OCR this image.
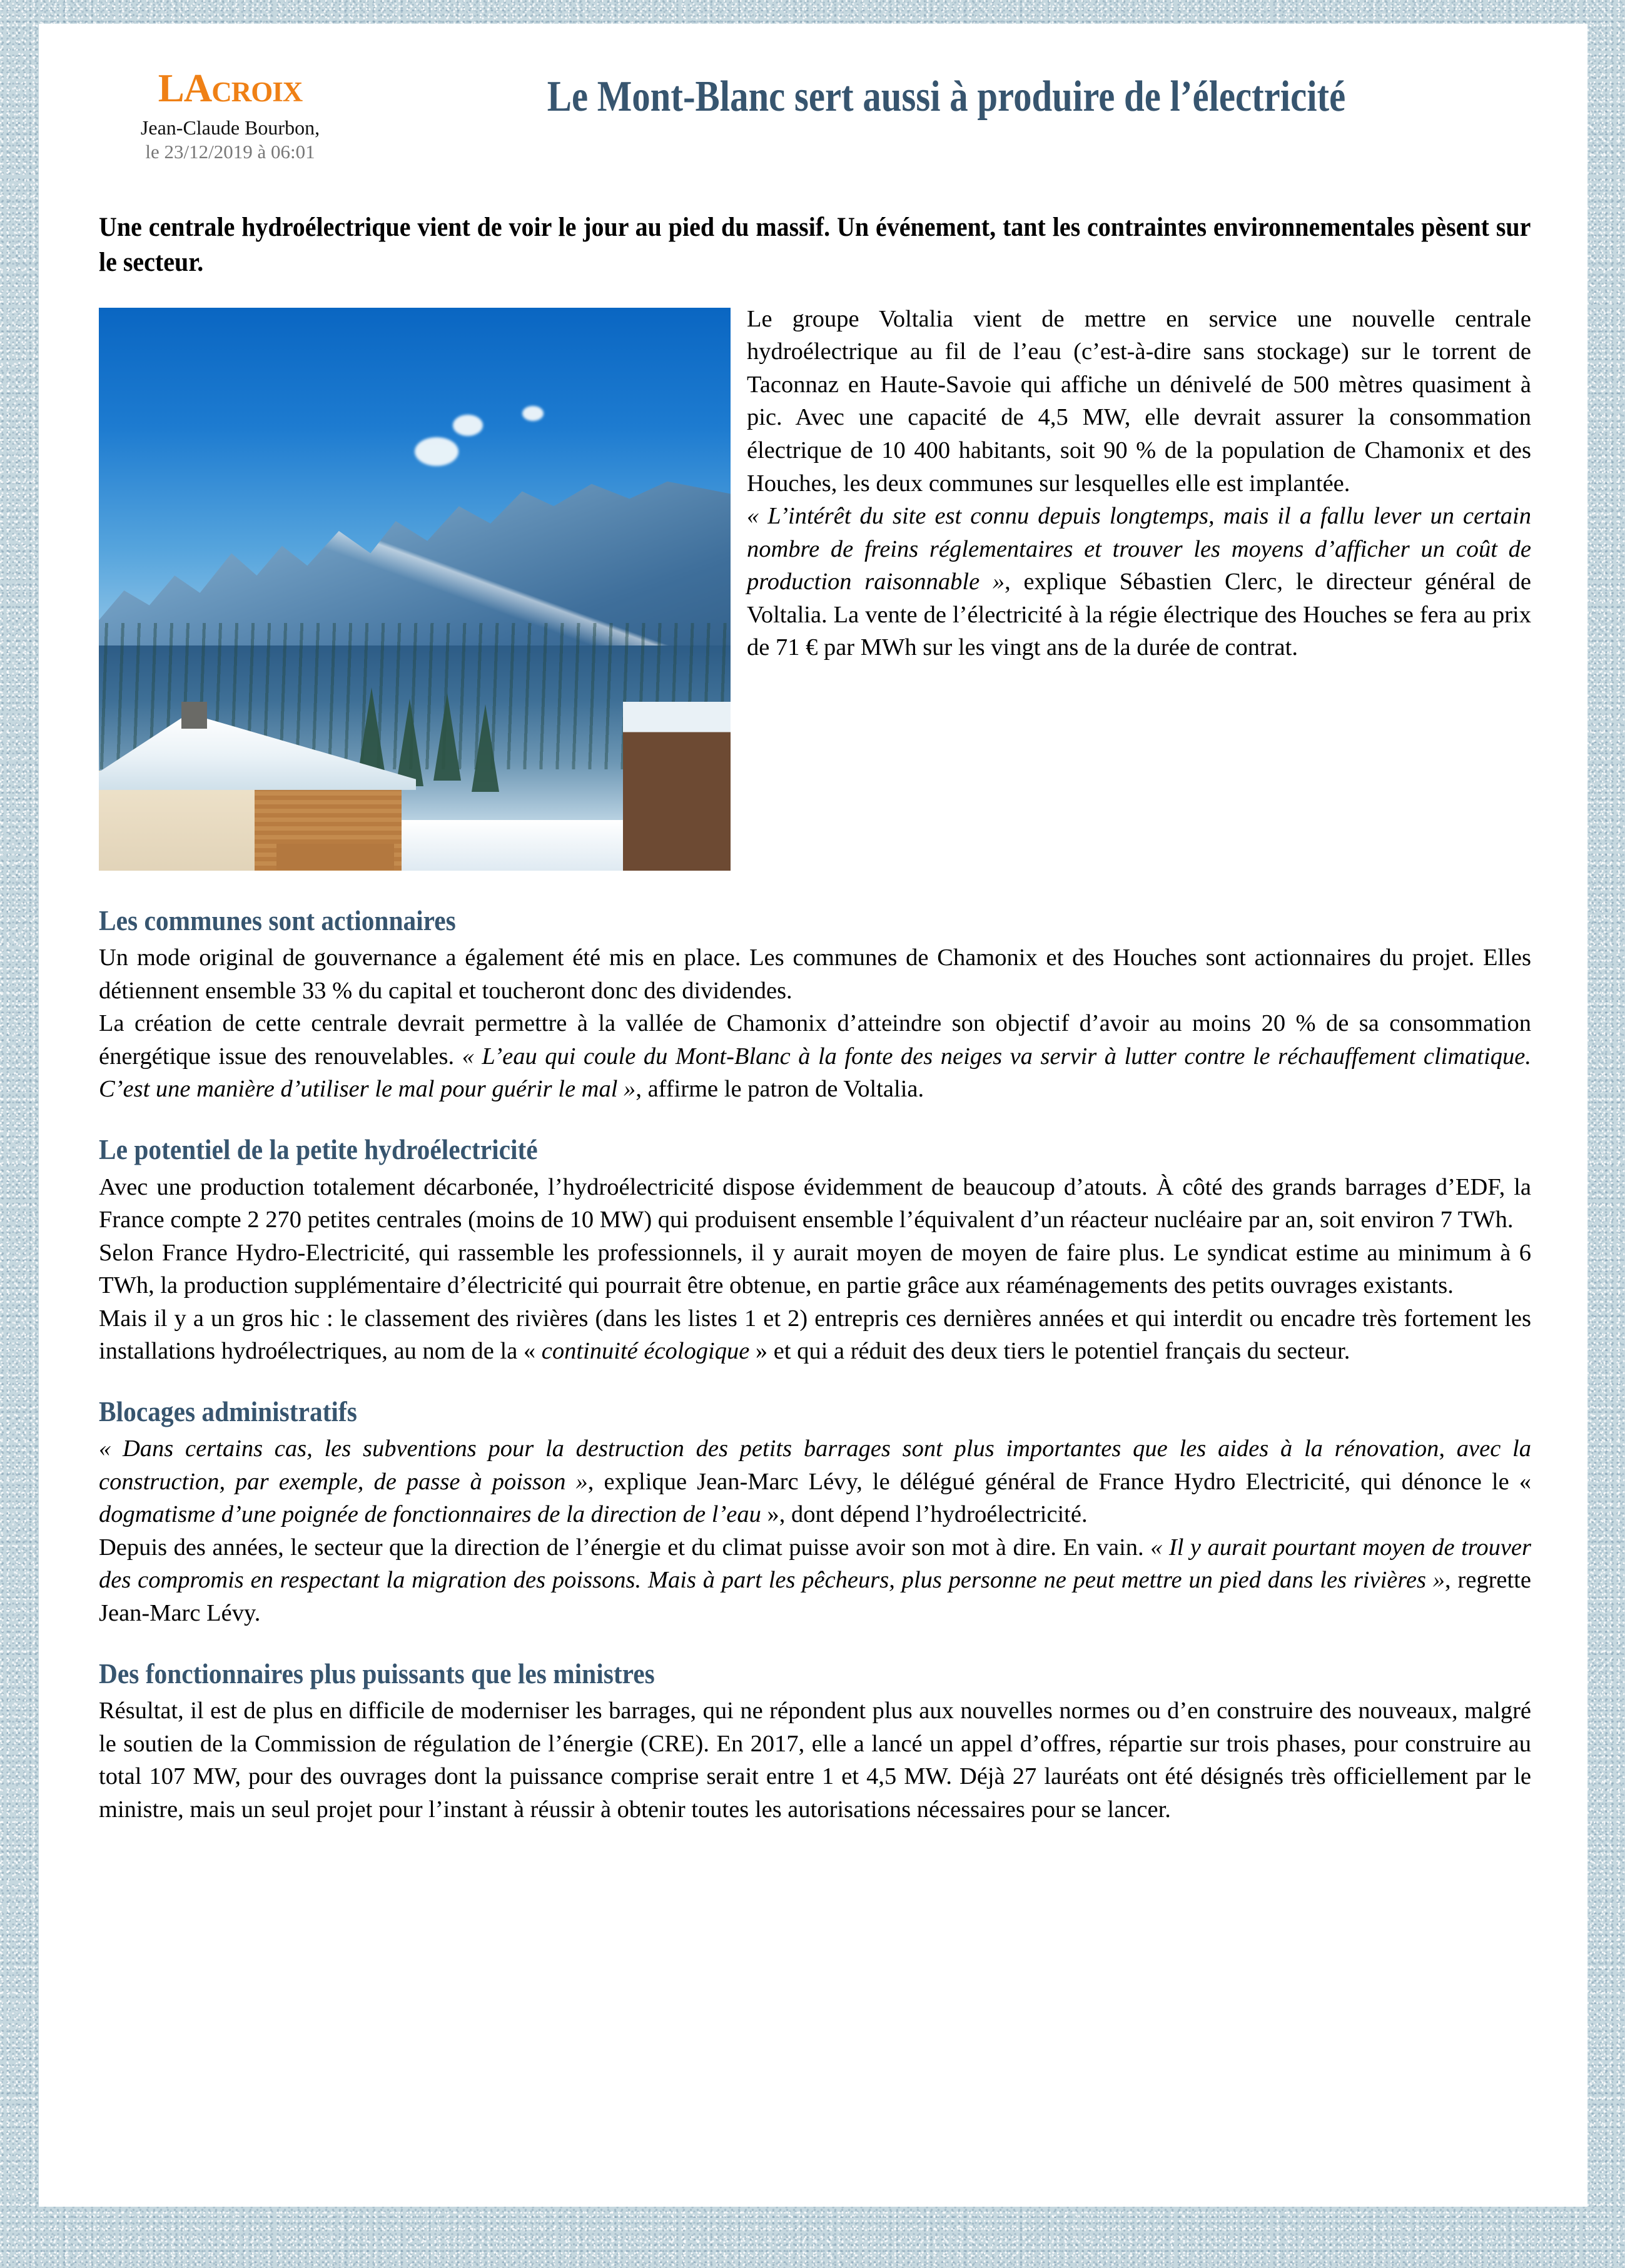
LACROIX
Jean-Claude Bourbon,
le 23/12/2019 à 06:01
Le Mont-Blanc sert aussi à produire de l’électricité
Une centrale hydroélectrique vient de voir le jour au pied du massif. Un événement, tant les contraintes environnementales pèsent sur le secteur.

Le groupe Voltalia vient de mettre en service une nouvelle centrale hydroélectrique au fil de l’eau (c’est-à-dire sans stockage) sur le torrent de Taconnaz en Haute-Savoie qui affiche un dénivelé de 500 mètres quasiment à pic. Avec une capacité de 4,5 MW, elle devrait assurer la consommation électrique de 10 400 habitants, soit 90 % de la population de Chamonix et des Houches, les deux communes sur lesquelles elle est implantée.

« L’intérêt du site est connu depuis longtemps, mais il a fallu lever un certain nombre de freins réglementaires et trouver les moyens d’afficher un coût de production raisonnable », explique Sébastien Clerc, le directeur général de Voltalia. La vente de l’électricité à la régie électrique des Houches se fera au prix de 71 € par MWh sur les vingt ans de la durée de contrat.

Les communes sont actionnaires

Un mode original de gouvernance a également été mis en place. Les communes de Chamonix et des Houches sont actionnaires du projet. Elles détiennent ensemble 33 % du capital et toucheront donc des dividendes.

La création de cette centrale devrait permettre à la vallée de Chamonix d’atteindre son objectif d’avoir au moins 20 % de sa consommation énergétique issue des renouvelables. « L’eau qui coule du Mont-Blanc à la fonte des neiges va servir à lutter contre le réchauffement climatique. C’est une manière d’utiliser le mal pour guérir le mal », affirme le patron de Voltalia.

Le potentiel de la petite hydroélectricité

Avec une production totalement décarbonée, l’hydroélectricité dispose évidemment de beaucoup d’atouts. À côté des grands barrages d’EDF, la France compte 2 270 petites centrales (moins de 10 MW) qui produisent ensemble l’équivalent d’un réacteur nucléaire par an, soit environ 7 TWh.

Selon France Hydro-Electricité, qui rassemble les professionnels, il y aurait moyen de moyen de faire plus. Le syndicat estime au minimum à 6 TWh, la production supplémentaire d’électricité qui pourrait être obtenue, en partie grâce aux réaménagements des petits ouvrages existants.

Mais il y a un gros hic : le classement des rivières (dans les listes 1 et 2) entrepris ces dernières années et qui interdit ou encadre très fortement les installations hydroélectriques, au nom de la « continuité écologique » et qui a réduit des deux tiers le potentiel français du secteur.

Blocages administratifs

« Dans certains cas, les subventions pour la destruction des petits barrages sont plus importantes que les aides à la rénovation, avec la construction, par exemple, de passe à poisson », explique Jean-Marc Lévy, le délégué général de France Hydro Electricité, qui dénonce le « dogmatisme d’une poignée de fonctionnaires de la direction de l’eau », dont dépend l’hydroélectricité.

Depuis des années, le secteur que la direction de l’énergie et du climat puisse avoir son mot à dire. En vain. « Il y aurait pourtant moyen de trouver des compromis en respectant la migration des poissons. Mais à part les pêcheurs, plus personne ne peut mettre un pied dans les rivières », regrette Jean-Marc Lévy.

Des fonctionnaires plus puissants que les ministres

Résultat, il est de plus en difficile de moderniser les barrages, qui ne répondent plus aux nouvelles normes ou d’en construire des nouveaux, malgré le soutien de la Commission de régulation de l’énergie (CRE). En 2017, elle a lancé un appel d’offres, répartie sur trois phases, pour construire au total 107 MW, pour des ouvrages dont la puissance comprise serait entre 1 et 4,5 MW. Déjà 27 lauréats ont été désignés très officiellement par le ministre, mais un seul projet pour l’instant à réussir à obtenir toutes les autorisations nécessaires pour se lancer.
